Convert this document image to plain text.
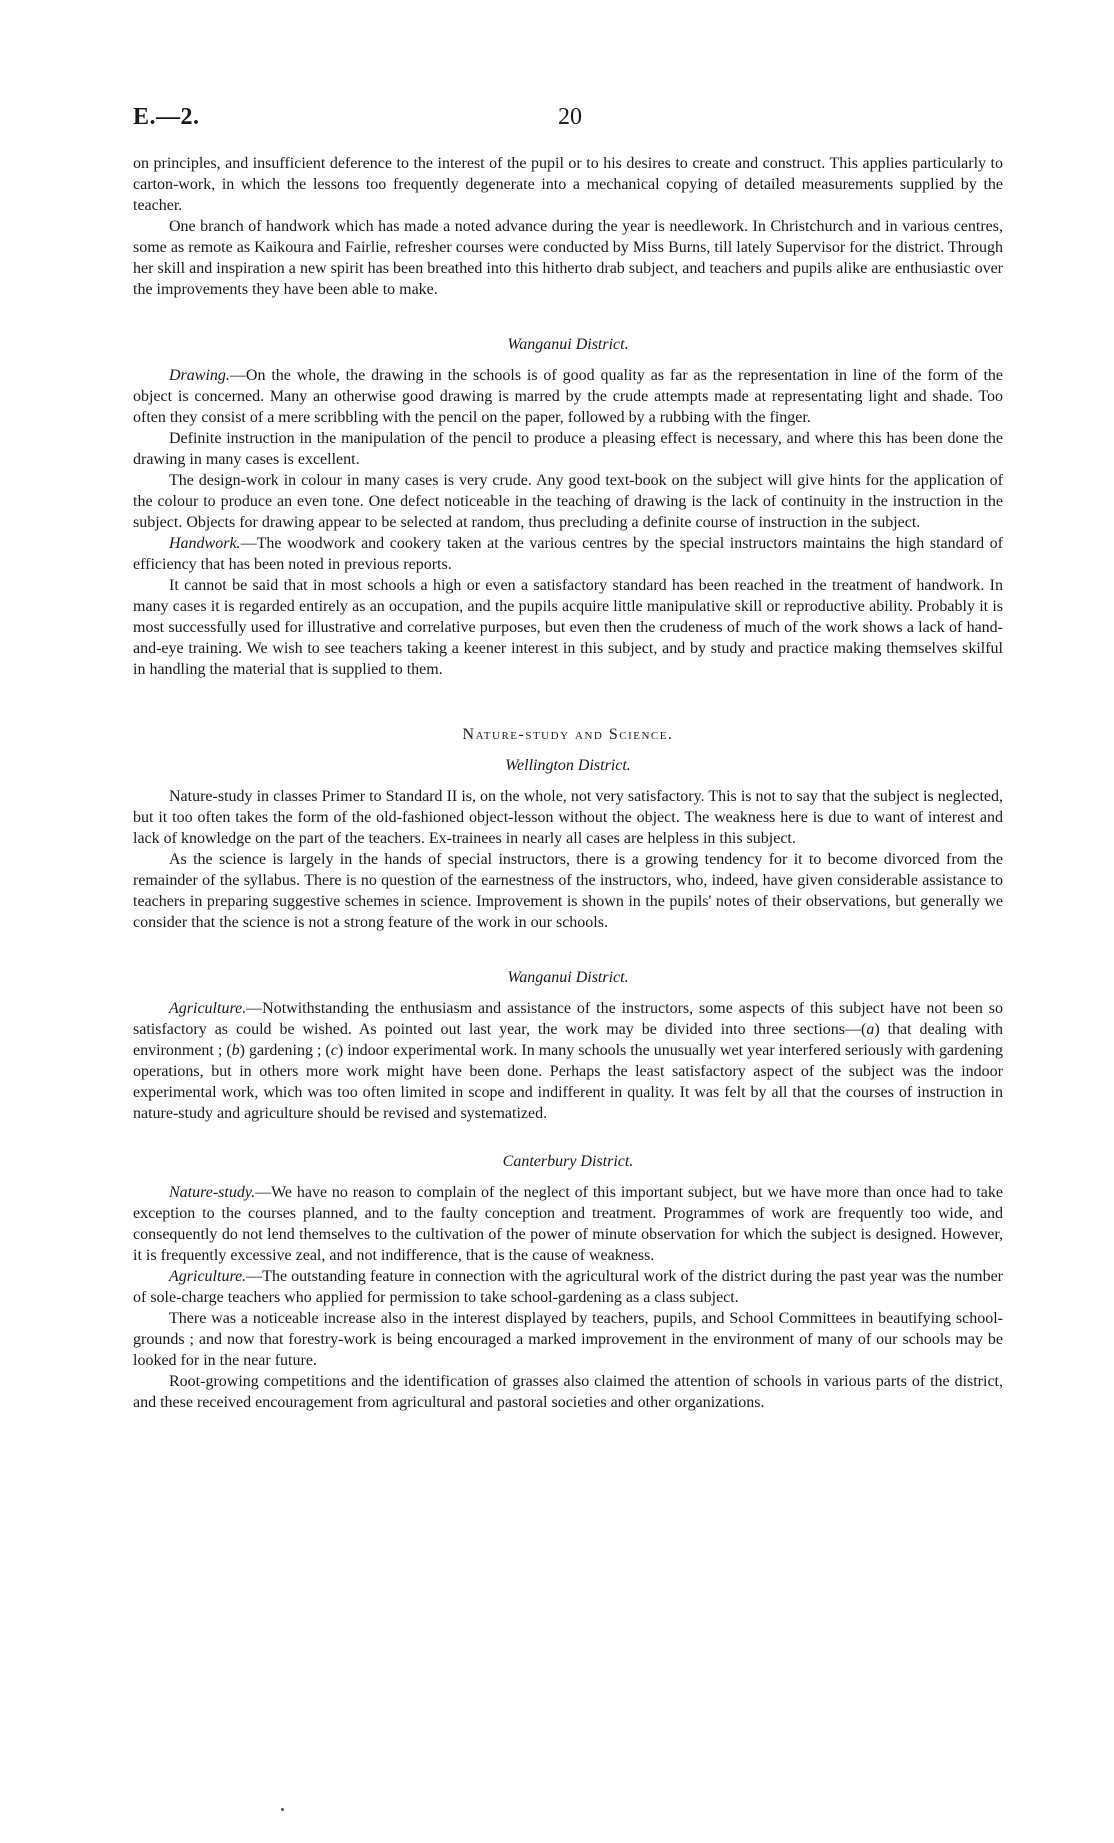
E.—2.	20

on principles, and insufficient deference to the interest of the pupil or to his desires to create and construct. This applies particularly to carton-work, in which the lessons too frequently degenerate into a mechanical copying of detailed measurements supplied by the teacher.

One branch of handwork which has made a noted advance during the year is needlework. In Christchurch and in various centres, some as remote as Kaikoura and Fairlie, refresher courses were conducted by Miss Burns, till lately Supervisor for the district. Through her skill and inspiration a new spirit has been breathed into this hitherto drab subject, and teachers and pupils alike are enthusiastic over the improvements they have been able to make.

Wanganui District.

Drawing.—On the whole, the drawing in the schools is of good quality as far as the representation in line of the form of the object is concerned. Many an otherwise good drawing is marred by the crude attempts made at representating light and shade. Too often they consist of a mere scribbling with the pencil on the paper, followed by a rubbing with the finger.

Definite instruction in the manipulation of the pencil to produce a pleasing effect is necessary, and where this has been done the drawing in many cases is excellent.

The design-work in colour in many cases is very crude. Any good text-book on the subject will give hints for the application of the colour to produce an even tone. One defect noticeable in the teaching of drawing is the lack of continuity in the instruction in the subject. Objects for drawing appear to be selected at random, thus precluding a definite course of instruction in the subject.

Handwork.—The woodwork and cookery taken at the various centres by the special instructors maintains the high standard of efficiency that has been noted in previous reports.

It cannot be said that in most schools a high or even a satisfactory standard has been reached in the treatment of handwork. In many cases it is regarded entirely as an occupation, and the pupils acquire little manipulative skill or reproductive ability. Probably it is most successfully used for illustrative and correlative purposes, but even then the crudeness of much of the work shows a lack of hand-and-eye training. We wish to see teachers taking a keener interest in this subject, and by study and practice making themselves skilful in handling the material that is supplied to them.

Nature-study and Science.

Wellington District.

Nature-study in classes Primer to Standard II is, on the whole, not very satisfactory. This is not to say that the subject is neglected, but it too often takes the form of the old-fashioned object-lesson without the object. The weakness here is due to want of interest and lack of knowledge on the part of the teachers. Ex-trainees in nearly all cases are helpless in this subject.

As the science is largely in the hands of special instructors, there is a growing tendency for it to become divorced from the remainder of the syllabus. There is no question of the earnestness of the instructors, who, indeed, have given considerable assistance to teachers in preparing suggestive schemes in science. Improvement is shown in the pupils' notes of their observations, but generally we consider that the science is not a strong feature of the work in our schools.

Wanganui District.

Agriculture.—Notwithstanding the enthusiasm and assistance of the instructors, some aspects of this subject have not been so satisfactory as could be wished. As pointed out last year, the work may be divided into three sections—(a) that dealing with environment ; (b) gardening ; (c) indoor experimental work. In many schools the unusually wet year interfered seriously with gardening operations, but in others more work might have been done. Perhaps the least satisfactory aspect of the subject was the indoor experimental work, which was too often limited in scope and indifferent in quality. It was felt by all that the courses of instruction in nature-study and agriculture should be revised and systematized.

Canterbury District.

Nature-study.—We have no reason to complain of the neglect of this important subject, but we have more than once had to take exception to the courses planned, and to the faulty conception and treatment. Programmes of work are frequently too wide, and consequently do not lend themselves to the cultivation of the power of minute observation for which the subject is designed. However, it is frequently excessive zeal, and not indifference, that is the cause of weakness.

Agriculture.—The outstanding feature in connection with the agricultural work of the district during the past year was the number of sole-charge teachers who applied for permission to take school-gardening as a class subject.

There was a noticeable increase also in the interest displayed by teachers, pupils, and School Committees in beautifying school-grounds ; and now that forestry-work is being encouraged a marked improvement in the environment of many of our schools may be looked for in the near future.

Root-growing competitions and the identification of grasses also claimed the attention of schools in various parts of the district, and these received encouragement from agricultural and pastoral societies and other organizations.
